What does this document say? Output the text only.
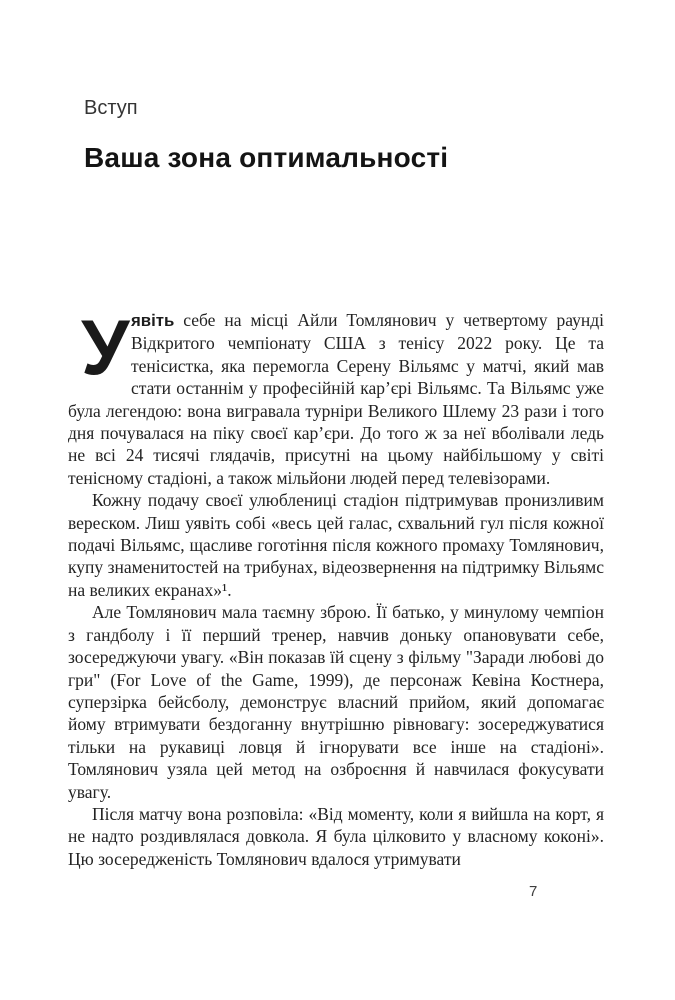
Вступ
Ваша зона оптимальності

Уявіть себе на місці Айли Томлянович у четвертому раунді Відкритого чемпіонату США з тенісу 2022 року. Це та тенісистка, яка перемогла Серену Вільямс у матчі, який мав стати останнім у професійній кар’єрі Вільямс. Та Вільямс уже була легендою: вона вигравала турніри Великого Шлему 23 рази і того дня почувалася на піку своєї кар’єри. До того ж за неї вболівали ледь не всі 24 тисячі глядачів, присутні на цьому найбільшому у світі тенісному стадіоні, а також мільйони людей перед телевізорами.

Кожну подачу своєї улюблениці стадіон підтримував пронизливим вереском. Лиш уявіть собі «весь цей галас, схвальний гул після кожної подачі Вільямс, щасливе гоготіння після кожного промаху Томлянович, купу знаменитостей на трибунах, відеозвернення на підтримку Вільямс на великих екранах»¹.

Але Томлянович мала таємну зброю. Її батько, у минулому чемпіон з гандболу і її перший тренер, навчив доньку опановувати себе, зосереджуючи увагу. «Він показав їй сцену з фільму "Заради любові до гри" (For Love of the Game, 1999), де персонаж Кевіна Костнера, суперзірка бейсболу, демонструє власний прийом, який допомагає йому втримувати бездоганну внутрішню рівновагу: зосереджуватися тільки на рукавиці ловця й ігнорувати все інше на стадіоні». Томлянович узяла цей метод на озброєння й навчилася фокусувати увагу.

Після матчу вона розповіла: «Від моменту, коли я вийшла на корт, я не надто роздивлялася довкола. Я була цілковито у власному коконі». Цю зосередженість Томлянович вдалося утримувати

7
